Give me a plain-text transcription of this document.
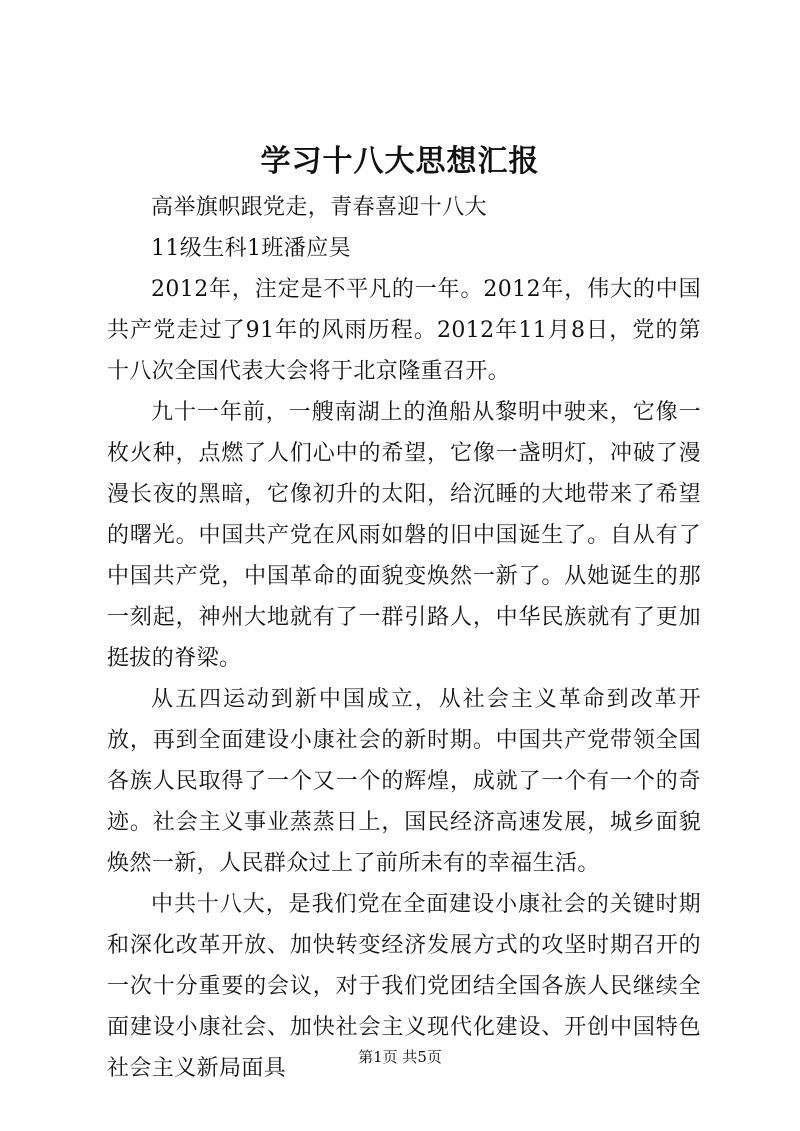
学习十八大思想汇报

高举旗帜跟党走，青春喜迎十八大

11级生科1班潘应昊

2012年，注定是不平凡的一年。2012年，伟大的中国共产党走过了91年的风雨历程。2012年11月8日，党的第十八次全国代表大会将于北京隆重召开。

九十一年前，一艘南湖上的渔船从黎明中驶来，它像一枚火种，点燃了人们心中的希望，它像一盏明灯，冲破了漫漫长夜的黑暗，它像初升的太阳，给沉睡的大地带来了希望的曙光。中国共产党在风雨如磐的旧中国诞生了。自从有了中国共产党，中国革命的面貌变焕然一新了。从她诞生的那一刻起，神州大地就有了一群引路人，中华民族就有了更加挺拔的脊梁。

从五四运动到新中国成立，从社会主义革命到改革开放，再到全面建设小康社会的新时期。中国共产党带领全国各族人民取得了一个又一个的辉煌，成就了一个有一个的奇迹。社会主义事业蒸蒸日上，国民经济高速发展，城乡面貌焕然一新，人民群众过上了前所未有的幸福生活。

中共十八大，是我们党在全面建设小康社会的关键时期和深化改革开放、加快转变经济发展方式的攻坚时期召开的一次十分重要的会议，对于我们党团结全国各族人民继续全面建设小康社会、加快社会主义现代化建设、开创中国特色社会主义新局面具	第1页 共5页
